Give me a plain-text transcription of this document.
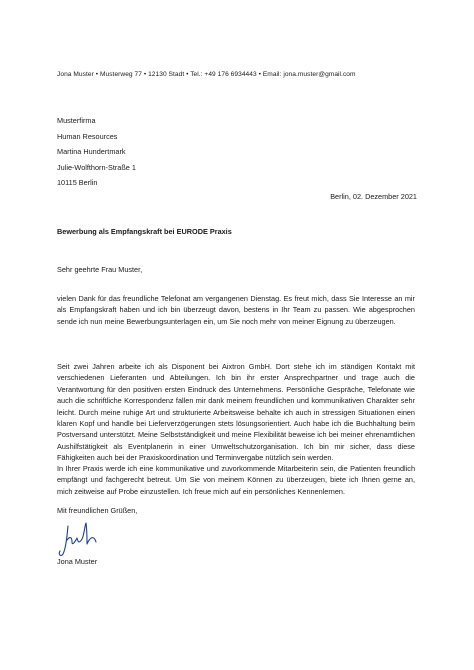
Jona Muster • Musterweg 77 • 12130 Stadt • Tel.: +49 176 6934443 • Email: jona.muster@gmail.com
Musterfirma
Human Resources
Martina Hundertmark
Julie-Wolfthorn-Straße 1
10115 Berlin
Berlin, 02. Dezember 2021
Bewerbung als Empfangskraft bei EURODE Praxis
Sehr geehrte Frau Muster,
vielen Dank für das freundliche Telefonat am vergangenen Dienstag. Es freut mich, dass Sie Interesse an mir als Empfangskraft haben und ich bin überzeugt davon, bestens in Ihr Team zu passen. Wie abgesprochen sende ich nun meine Bewerbungsunterlagen ein, um Sie noch mehr von meiner Eignung zu überzeugen.
Seit zwei Jahren arbeite ich als Disponent bei Aixtron GmbH. Dort stehe ich im ständigen Kontakt mit verschiedenen Lieferanten und Abteilungen. Ich bin ihr erster Ansprechpartner und trage auch die Verantwortung für den positiven ersten Eindruck des Unternehmens. Persönliche Gespräche, Telefonate wie auch die schriftliche Korrespondenz fallen mir dank meinem freundlichen und kommunikativen Charakter sehr leicht. Durch meine ruhige Art und strukturierte Arbeitsweise behalte ich auch in stressigen Situationen einen klaren Kopf und handle bei Lieferverzögerungen stets lösungsorientiert. Auch habe ich die Buchhaltung beim Postversand unterstützt. Meine Selbstständigkeit und meine Flexibilität beweise ich bei meiner ehrenamtlichen Aushilfstätigkeit als Eventplanerin in einer Umweltschutzorganisation. Ich bin mir sicher, dass diese Fähigkeiten auch bei der Praxiskoordination und Terminvergabe nützlich sein werden.
In Ihrer Praxis werde ich eine kommunikative und zuvorkommende Mitarbeiterin sein, die Patienten freundlich empfängt und fachgerecht betreut. Um Sie von meinem Können zu überzeugen, biete ich Ihnen gerne an, mich zeitweise auf Probe einzustellen. Ich freue mich auf ein persönliches Kennenlernen.
Mit freundlichen Grüßen,
Jona Muster
